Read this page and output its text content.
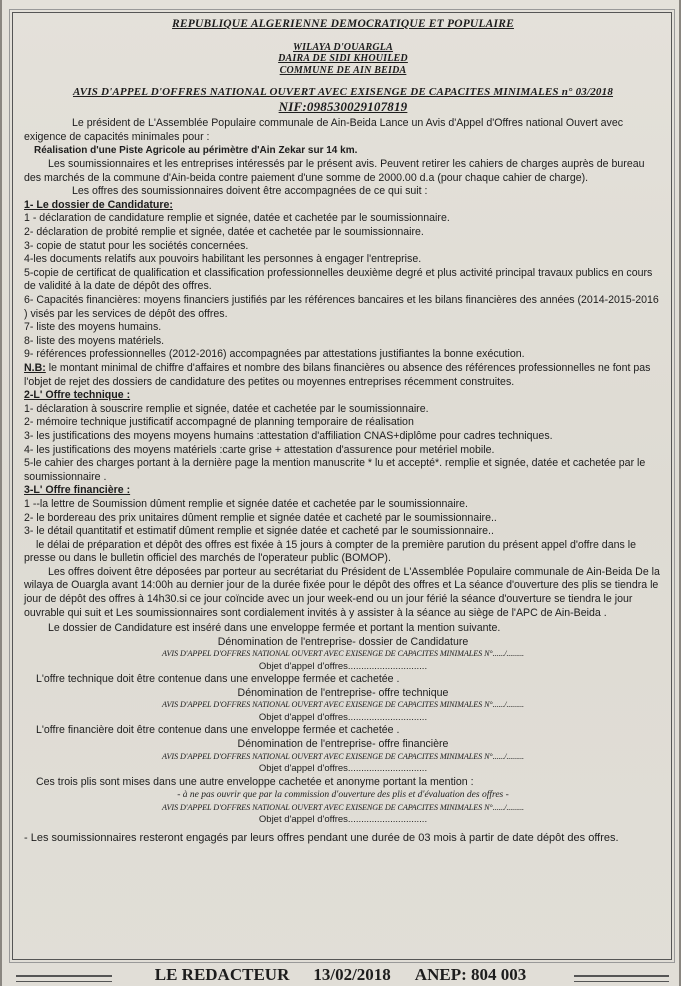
REPUBLIQUE ALGERIENNE DEMOCRATIQUE ET POPULAIRE
WILAYA D'OUARGLA
DAIRA DE SIDI KHOUILED
COMMUNE DE AIN BEIDA
AVIS D'APPEL D'OFFRES NATIONAL OUVERT AVEC EXISENGE DE CAPACITES MINIMALES n° 03/2018
NIF:098530029107819

Le président de L'Assemblée Populaire communale de Ain-Beida Lance un Avis d'Appel d'Offres national Ouvert avec exigence de capacités minimales pour :

Réalisation d'une Piste Agricole au périmètre d'Ain Zekar sur 14 km.

Les soumissionnaires et les entreprises intéressés par le présent avis. Peuvent retirer les cahiers de charges auprès de bureau des marchés de la commune d'Ain-beida contre paiement d'une somme de 2000.00 d.a (pour chaque cahier de charge).

Les offres des soumissionnaires doivent être accompagnées de ce qui suit :

1- Le dossier de Candidature:

1 - déclaration de candidature remplie et signée, datée et cachetée par le soumissionnaire.

2- déclaration de probité remplie et signée, datée et cachetée par le soumissionnaire.

3- copie de statut pour les sociétés concernées.

4-les documents relatifs aux pouvoirs habilitant les personnes à engager l'entreprise.

5-copie de certificat de qualification et classification professionnelles deuxième degré et plus activité principal travaux publics en cours de validité à la date de dépôt des offres.

6- Capacités financières: moyens financiers justifiés par les références bancaires et les bilans financières des années (2014-2015-2016 ) visés par les services de dépôt des offres.

7- liste des moyens humains.

8- liste des moyens matériels.

9- références professionnelles (2012-2016) accompagnées par attestations justifiantes la bonne exécution.

N.B: le montant minimal de chiffre d'affaires et nombre des bilans financières ou absence des références professionnelles ne font pas l'objet de rejet des dossiers de candidature des petites ou moyennes entreprises récemment construites.

2-L' Offre technique :

1- déclaration à souscrire remplie et signée, datée et cachetée par le soumissionnaire.

2- mémoire technique justificatif accompagné de planning temporaire de réalisation

3- les justifications des moyens moyens humains :attestation d'affiliation CNAS+diplôme pour cadres techniques.

4- les justifications des moyens matériels :carte grise + attestation d'assurence pour metériel mobile.

5-le cahier des charges portant à la dernière page la mention manuscrite * lu et accepté*. remplie et signée, datée et cachetée par le soumissionnaire .

3-L' Offre financière :

1 --la lettre de Soumission dûment remplie et signée datée et cachetée par le soumissionnaire.

2- le bordereau des prix unitaires dûment remplie et signée datée et cacheté par le soumissionnaire..

3- le détail quantitatif et estimatif dûment remplie et signée datée et cacheté par le soumissionnaire..

le délai de préparation et dépôt des offres est fixée à 15 jours à compter de la première parution du présent appel d'offre dans le presse ou dans le bulletin officiel des marchés de l'operateur public (BOMOP).

Les offres doivent être déposées par porteur au secrétariat du Président de L'Assemblée Populaire communale de Ain-Beida De la wilaya de Ouargla avant 14:00h au dernier jour de la durée fixée pour le dépôt des offres et La séance d'ouverture des plis se tiendra le jour de dépôt des offres à 14h30.si ce jour coïncide avec un jour week-end ou un jour férié la séance d'ouverture se tiendra le jour ouvrable qui suit et Les soumissionnaires sont cordialement invités à y assister à la séance au siège de l'APC de Ain-Beida .

Le dossier de Candidature est inséré dans une enveloppe fermée et portant la mention suivante.

Dénomination de l'entreprise- dossier de Candidature
AVIS D'APPEL D'OFFRES NATIONAL OUVERT AVEC EXISENGE DE CAPACITES MINIMALES N°....../.........
Objet d'appel d'offres..............................

L'offre technique doit être contenue dans une enveloppe fermée et cachetée .

Dénomination de l'entreprise- offre technique
AVIS D'APPEL D'OFFRES NATIONAL OUVERT AVEC EXISENGE DE CAPACITES MINIMALES N°....../.........
Objet d'appel d'offres..............................

L'offre financière doit être contenue dans une enveloppe fermée et cachetée .

Dénomination de l'entreprise- offre financière
AVIS D'APPEL D'OFFRES NATIONAL OUVERT AVEC EXISENGE DE CAPACITES MINIMALES N°....../.........
Objet d'appel d'offres..............................

Ces trois plis sont mises dans une autre enveloppe cachetée et anonyme portant la mention :

- à ne pas ouvrir que par la commission d'ouverture des plis et d'évaluation des offres -
AVIS D'APPEL D'OFFRES NATIONAL OUVERT AVEC EXISENGE DE CAPACITES MINIMALES N°....../.........
Objet d'appel d'offres..............................

- Les soumissionnaires resteront engagés par leurs offres pendant une durée de 03 mois à partir de date dépôt des offres.

LE REDACTEUR 13/02/2018 ANEP: 804 003
